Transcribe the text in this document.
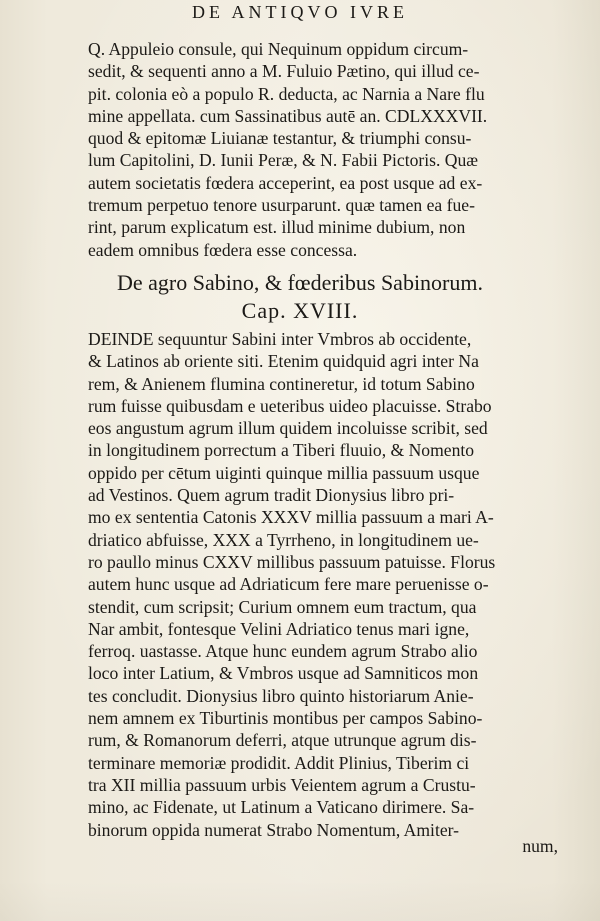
DE ANTIQVO IVRE
Q. Appuleio consule, qui Nequinum oppidum circum-
sedit, & sequenti anno a M. Fuluio Pætino, qui illud ce-
pit. colonia eò a populo R. deducta, ac Narnia a Nare flu
mine appellata. cum Sassinatibus autē an. CDLXXXVII.
quod & epitomæ Liuianæ testantur, & triumphi consu-
lum Capitolini, D. Iunii Peræ, & N. Fabii Pictoris. Quæ
autem societatis fœdera acceperint, ea post usque ad ex-
tremum perpetuo tenore usurparunt. quæ tamen ea fue-
rint, parum explicatum est. illud minime dubium, non
eadem omnibus fœdera esse concessa.
De agro Sabino, & fœderibus Sabinorum.
Cap. XVIII.
DEINDE sequuntur Sabini inter Vmbros ab occidente,
& Latinos ab oriente siti. Etenim quidquid agri inter Na
rem, & Anienem flumina contineretur, id totum Sabino
rum fuisse quibusdam e ueteribus uideo placuisse. Strabo
eos angustum agrum illum quidem incoluisse scribit, sed
in longitudinem porrectum a Tiberi fluuio, & Nomento
oppido per cētum uiginti quinque millia passuum usque
ad Vestinos. Quem agrum tradit Dionysius libro pri-
mo ex sententia Catonis XXXV millia passuum a mari A-
driatico abfuisse, XXX a Tyrrheno, in longitudinem ue-
ro paullo minus CXXV millibus passuum patuisse. Florus
autem hunc usque ad Adriaticum fere mare peruenisse o-
stendit, cum scripsit; Curium omnem eum tractum, qua
Nar ambit, fontesque Velini Adriatico tenus mari igne,
ferroq. uastasse. Atque hunc eundem agrum Strabo alio
loco inter Latium, & Vmbros usque ad Samniticos mon
tes concludit. Dionysius libro quinto historiarum Anie-
nem amnem ex Tiburtinis montibus per campos Sabino-
rum, & Romanorum deferri, atque utrunque agrum dis-
terminare memoriæ prodidit. Addit Plinius, Tiberim ci
tra XII millia passuum urbis Veientem agrum a Crustu-
mino, ac Fidenate, ut Latinum a Vaticano dirimere. Sa-
binorum oppida numerat Strabo Nomentum, Amiter-
num,
